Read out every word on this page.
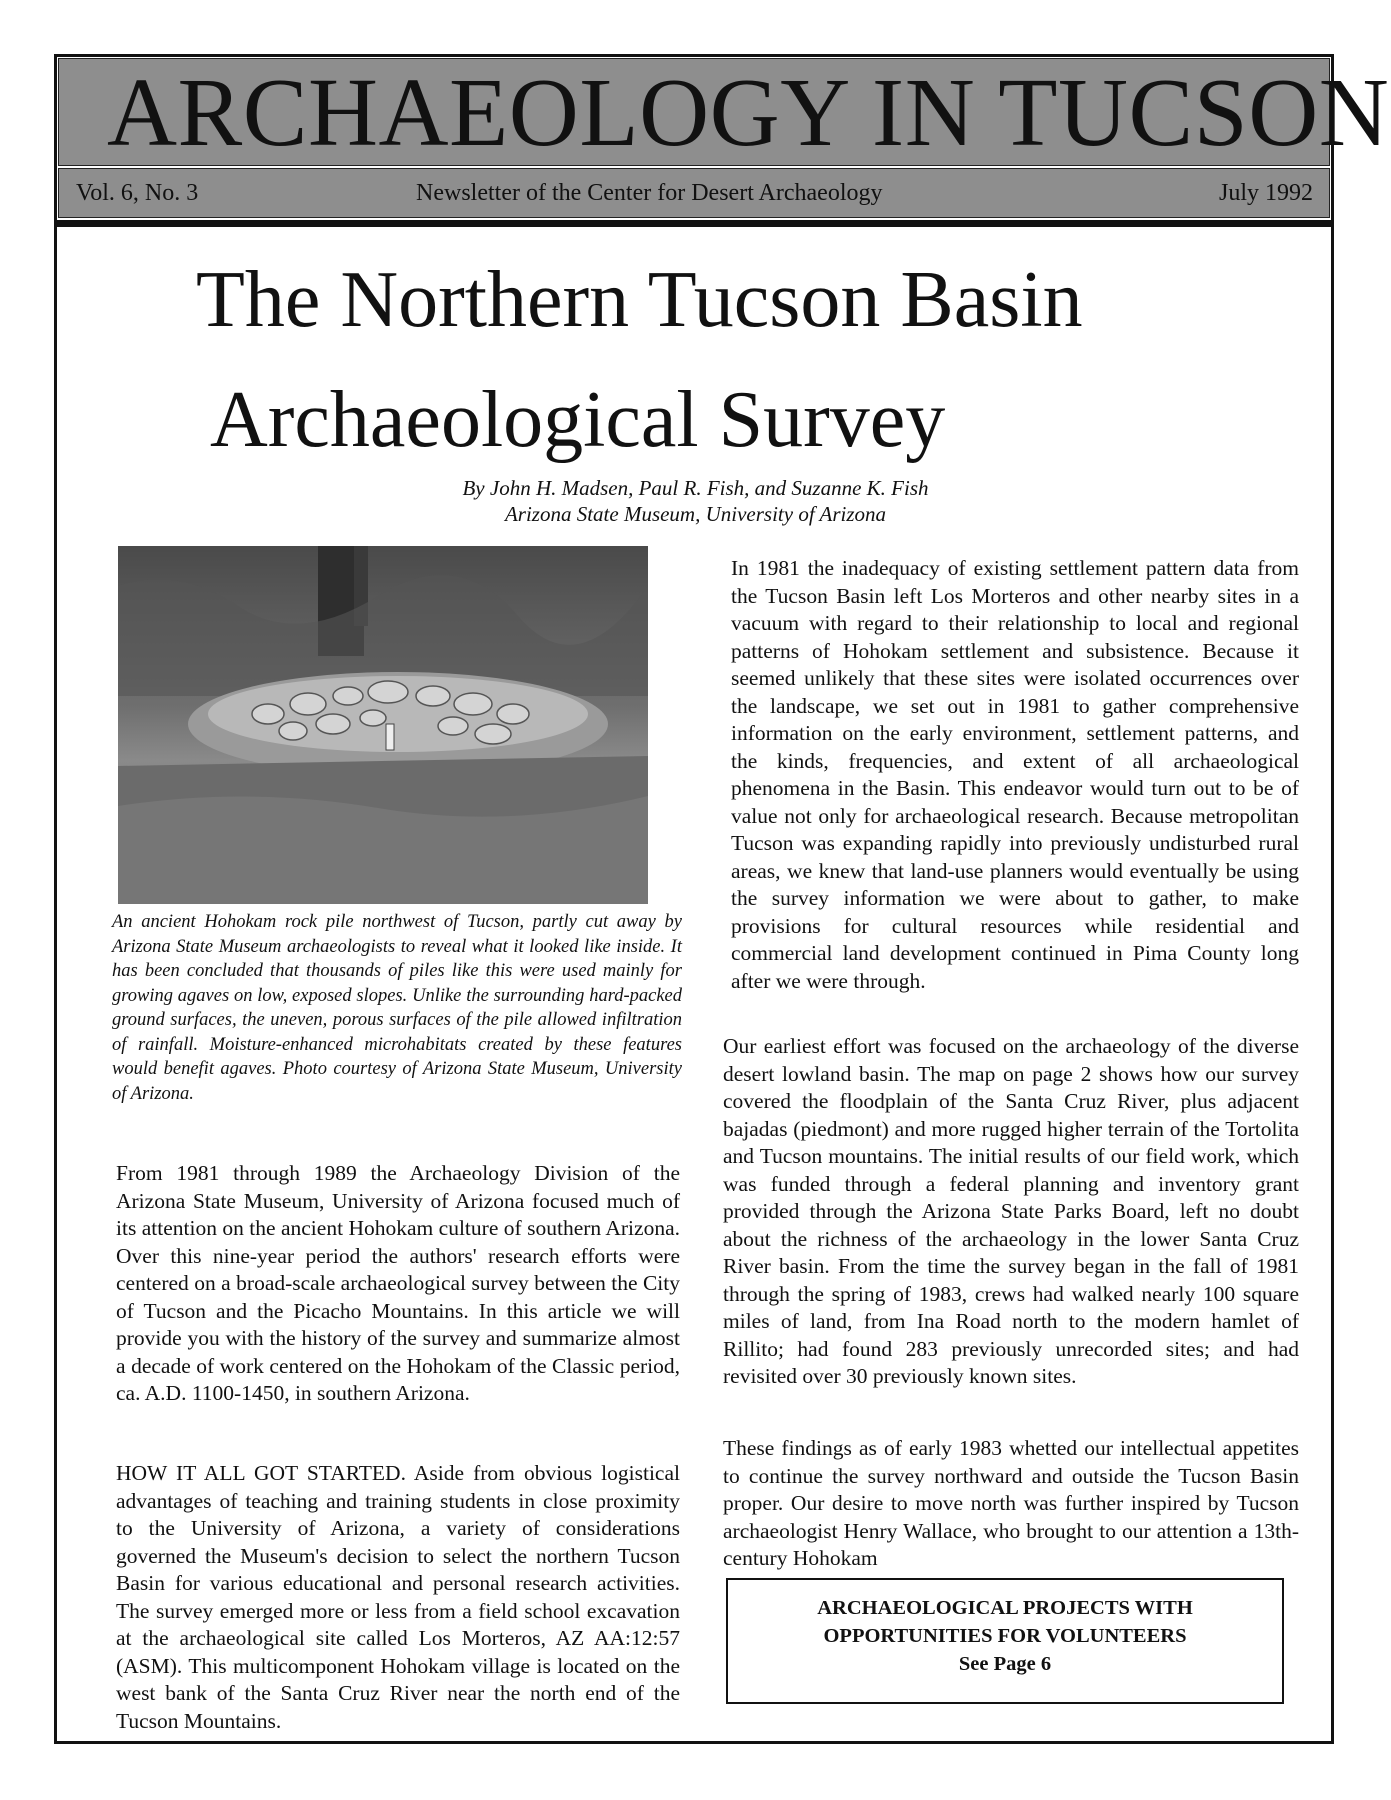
ARCHAEOLOGY IN TUCSON
Vol. 6, No. 3	Newsletter of the Center for Desert Archaeology	July 1992
The Northern Tucson Basin
Archaeological Survey
By John H. Madsen, Paul R. Fish, and Suzanne K. Fish
Arizona State Museum, University of Arizona
An ancient Hohokam rock pile northwest of Tucson, partly cut away by Arizona State Museum archaeologists to reveal what it looked like inside. It has been concluded that thousands of piles like this were used mainly for growing agaves on low, exposed slopes. Unlike the surrounding hard-packed ground surfaces, the uneven, porous surfaces of the pile allowed infiltration of rainfall. Moisture-enhanced microhabitats created by these features would benefit agaves. Photo courtesy of Arizona State Museum, University of Arizona.

In 1981 the inadequacy of existing settlement pattern data from the Tucson Basin left Los Morteros and other nearby sites in a vacuum with regard to their relationship to local and regional patterns of Hohokam settlement and subsistence. Because it seemed unlikely that these sites were isolated occurrences over the landscape, we set out in 1981 to gather comprehensive information on the early environment, settlement patterns, and the kinds, frequencies, and extent of all archaeological phenomena in the Basin. This endeavor would turn out to be of value not only for archaeological research. Because metropolitan Tucson was expanding rapidly into previously undisturbed rural areas, we knew that land-use planners would eventually be using the survey information we were about to gather, to make provisions for cultural resources while residential and commercial land development continued in Pima County long after we were through.

Our earliest effort was focused on the archaeology of the diverse desert lowland basin. The map on page 2 shows how our survey covered the floodplain of the Santa Cruz River, plus adjacent bajadas (piedmont) and more rugged higher terrain of the Tortolita and Tucson mountains. The initial results of our field work, which was funded through a federal planning and inventory grant provided through the Arizona State Parks Board, left no doubt about the richness of the archaeology in the lower Santa Cruz River basin. From the time the survey began in the fall of 1981 through the spring of 1983, crews had walked nearly 100 square miles of land, from Ina Road north to the modern hamlet of Rillito; had found 283 previously unrecorded sites; and had revisited over 30 previously known sites.

These findings as of early 1983 whetted our intellectual appetites to continue the survey northward and outside the Tucson Basin proper. Our desire to move north was further inspired by Tucson archaeologist Henry Wallace, who brought to our attention a 13th-century Hohokam

From 1981 through 1989 the Archaeology Division of the Arizona State Museum, University of Arizona focused much of its attention on the ancient Hohokam culture of southern Arizona. Over this nine-year period the authors' research efforts were centered on a broad-scale archaeological survey between the City of Tucson and the Picacho Mountains. In this article we will provide you with the history of the survey and summarize almost a decade of work centered on the Hohokam of the Classic period, ca. A.D. 1100-1450, in southern Arizona.

HOW IT ALL GOT STARTED. Aside from obvious logistical advantages of teaching and training students in close proximity to the University of Arizona, a variety of considerations governed the Museum's decision to select the northern Tucson Basin for various educational and personal research activities. The survey emerged more or less from a field school excavation at the archaeological site called Los Morteros, AZ AA:12:57 (ASM). This multicomponent Hohokam village is located on the west bank of the Santa Cruz River near the north end of the Tucson Mountains.

ARCHAEOLOGICAL PROJECTS WITH
OPPORTUNITIES FOR VOLUNTEERS
See Page 6
